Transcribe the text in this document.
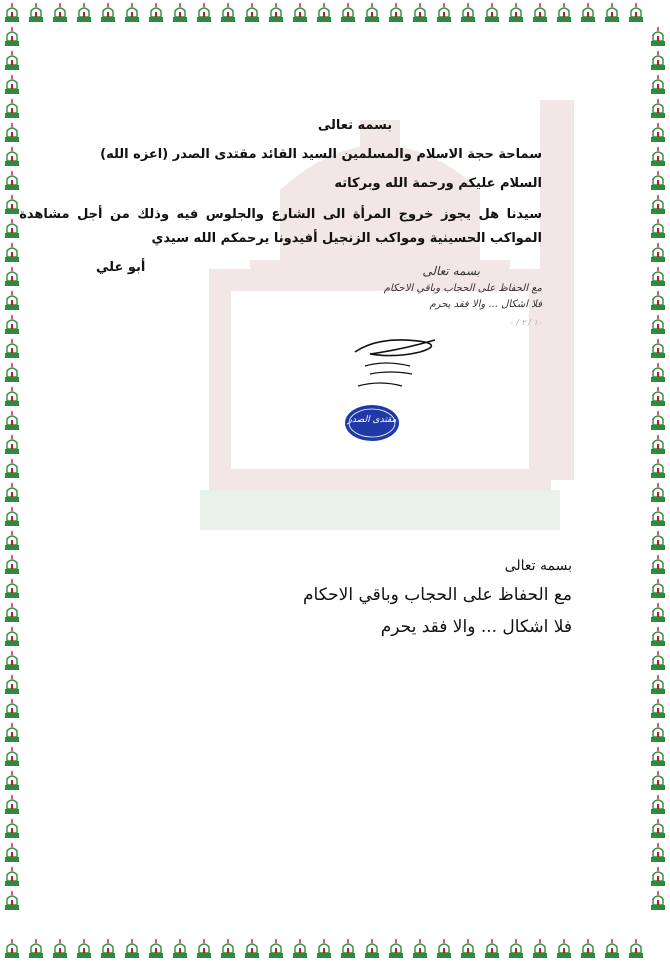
بسمه تعالى
سماحة حجة الاسلام والمسلمين السيد القائد مقتدى الصدر (اعزه الله)
السلام عليكم ورحمة الله وبركاته
سيدنا هل يجوز خروج المرأة الى الشارع والجلوس فيه وذلك من أجل مشاهدة
المواكب الحسينية ومواكب الزنجيل أفيدونا يرحمكم الله سيدي
أبو علي	بسمه تعالى
مع الحفاظ على الحجاب وباقي الاحكام
فلا اشكال ... والا فقد يحرم
١٠ / ٢ / ٠
مقتدى الصدر
بسمه تعالى
مع الحفاظ على الحجاب وباقي الاحكام
فلا اشكال ... والا فقد يحرم
